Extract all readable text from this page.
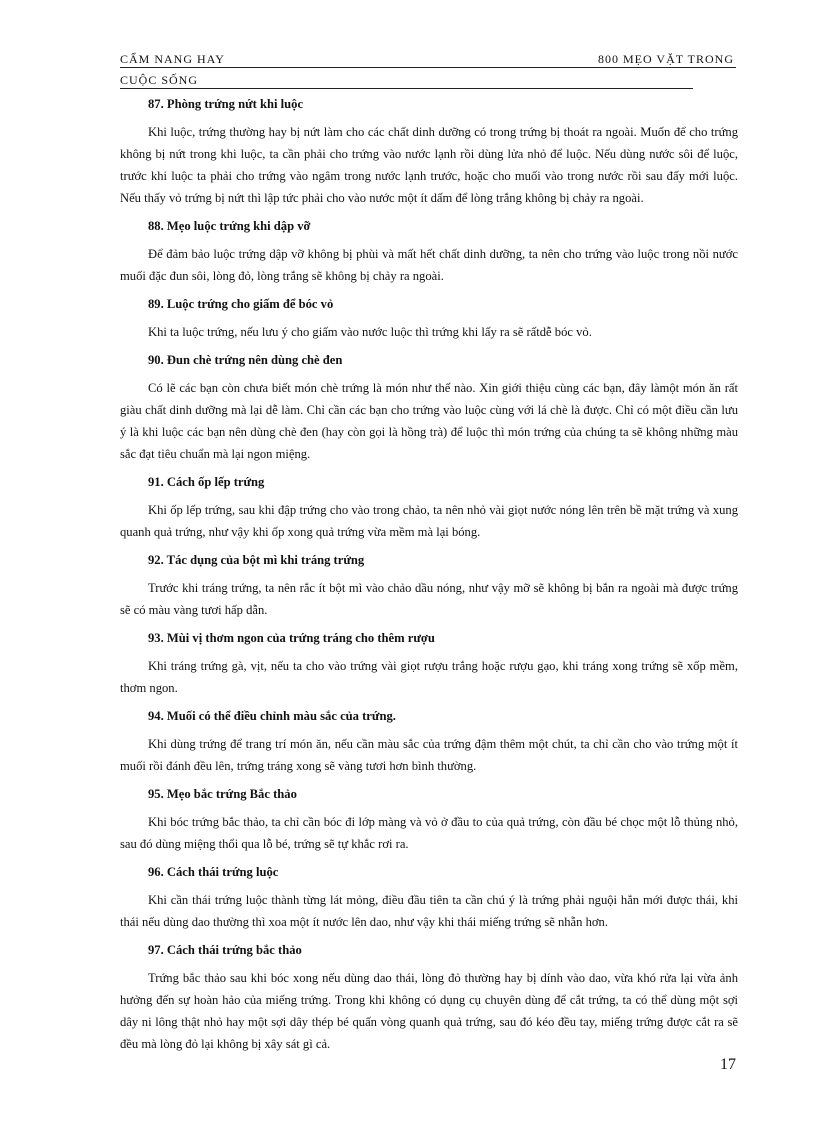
CẨM NANG HAY	800 MẸO VẶT TRONG
CUỘC SỐNG
87. Phòng trứng nứt khi luộc

Khi luộc, trứng thường hay bị nứt làm cho các chất dinh dưỡng có trong trứng bị thoát ra ngoài. Muốn để cho trứng không bị nứt trong khi luộc, ta cần phải cho trứng vào nước lạnh rồi dùng lửa nhỏ để luộc. Nếu dùng nước sôi để luộc, trước khi luộc ta phải cho trứng vào ngâm trong nước lạnh trước, hoặc cho muối vào trong nước rồi sau đấy mới luộc. Nếu thấy vỏ trứng bị nứt thì lập tức phải cho vào nước một ít dấm để lòng trắng không bị chảy ra ngoài.

88. Mẹo luộc trứng khi dập vỡ

Để đảm bảo luộc trứng dập vỡ không bị phùi và mất hết chất dinh dưỡng, ta nên cho trứng vào luộc trong nồi nước muối đặc đun sôi, lòng đỏ, lòng trắng sẽ không bị chảy ra ngoài.

89. Luộc trứng cho giấm để bóc vỏ

Khi ta luộc trứng, nếu lưu ý cho giấm vào nước luộc thì trứng khi lấy ra sẽ rấtdễ bóc vỏ.

90. Đun chè trứng nên dùng chè đen

Có lẽ các bạn còn chưa biết món chè trứng là món như thế nào. Xin giới thiệu cùng các bạn, đây làmột món ăn rất giàu chất dinh dưỡng mà lại dễ làm. Chỉ cần các bạn cho trứng vào luộc cùng với lá chè là được. Chỉ có một điều cần lưu ý là khi luộc các bạn nên dùng chè đen (hay còn gọi là hồng trà) để luộc thì món trứng của chúng ta sẽ không những màu sắc đạt tiêu chuẩn mà lại ngon miệng.

91. Cách ốp lếp trứng

Khi ốp lếp trứng, sau khi đập trứng cho vào trong chảo, ta nên nhỏ vài giọt nước nóng lên trên bề mặt trứng và xung quanh quả trứng, như vậy khi ốp xong quả trứng vừa mềm mà lại bóng.

92. Tác dụng của bột mì khi tráng trứng

Trước khi tráng trứng, ta nên rắc ít bột mì vào chảo dầu nóng, như vậy mỡ sẽ không bị bắn ra ngoài mà được trứng sẽ có màu vàng tươi hấp dẫn.

93. Mùi vị thơm ngon của trứng tráng cho thêm rượu

Khi tráng trứng gà, vịt, nếu ta cho vào trứng vài giọt rượu trắng hoặc rượu gạo, khi tráng xong trứng sẽ xốp mềm, thơm ngon.

94. Muối có thể điều chỉnh màu sắc của trứng.

Khi dùng trứng để trang trí món ăn, nếu cần màu sắc của trứng đậm thêm một chút, ta chỉ cần cho vào trứng một ít muối rồi đánh đều lên, trứng tráng xong sẽ vàng tươi hơn bình thường.

95. Mẹo bắc trứng Bắc thảo

Khi bóc trứng bắc thảo, ta chỉ cần bóc đi lớp màng và vỏ ở đầu to của quả trứng, còn đầu bé chọc một lỗ thủng nhỏ, sau đó dùng miệng thổi qua lỗ bé, trứng sẽ tự khắc rơi ra.

96. Cách thái trứng luộc

Khi cần thái trứng luộc thành từng lát mỏng, điều đầu tiên ta cần chú ý là trứng phải nguội hẳn mới được thái, khi thái nếu dùng dao thường thì xoa một ít nước lên dao, như vậy khi thái miếng trứng sẽ nhẵn hơn.

97. Cách thái trứng bắc thảo

Trứng bắc thảo sau khi bóc xong nếu dùng dao thái, lòng đỏ thường hay bị dính vào dao, vừa khó rửa lại vừa ảnh hưởng đến sự hoàn hảo của miếng trứng. Trong khi không có dụng cụ chuyên dùng để cắt trứng, ta có thể dùng một sợi dây ni lông thật nhỏ hay một sợi dây thép bé quấn vòng quanh quả trứng, sau đó kéo đều tay, miếng trứng được cắt ra sẽ đều mà lòng đỏ lại không bị xây sát gì cả.

17
